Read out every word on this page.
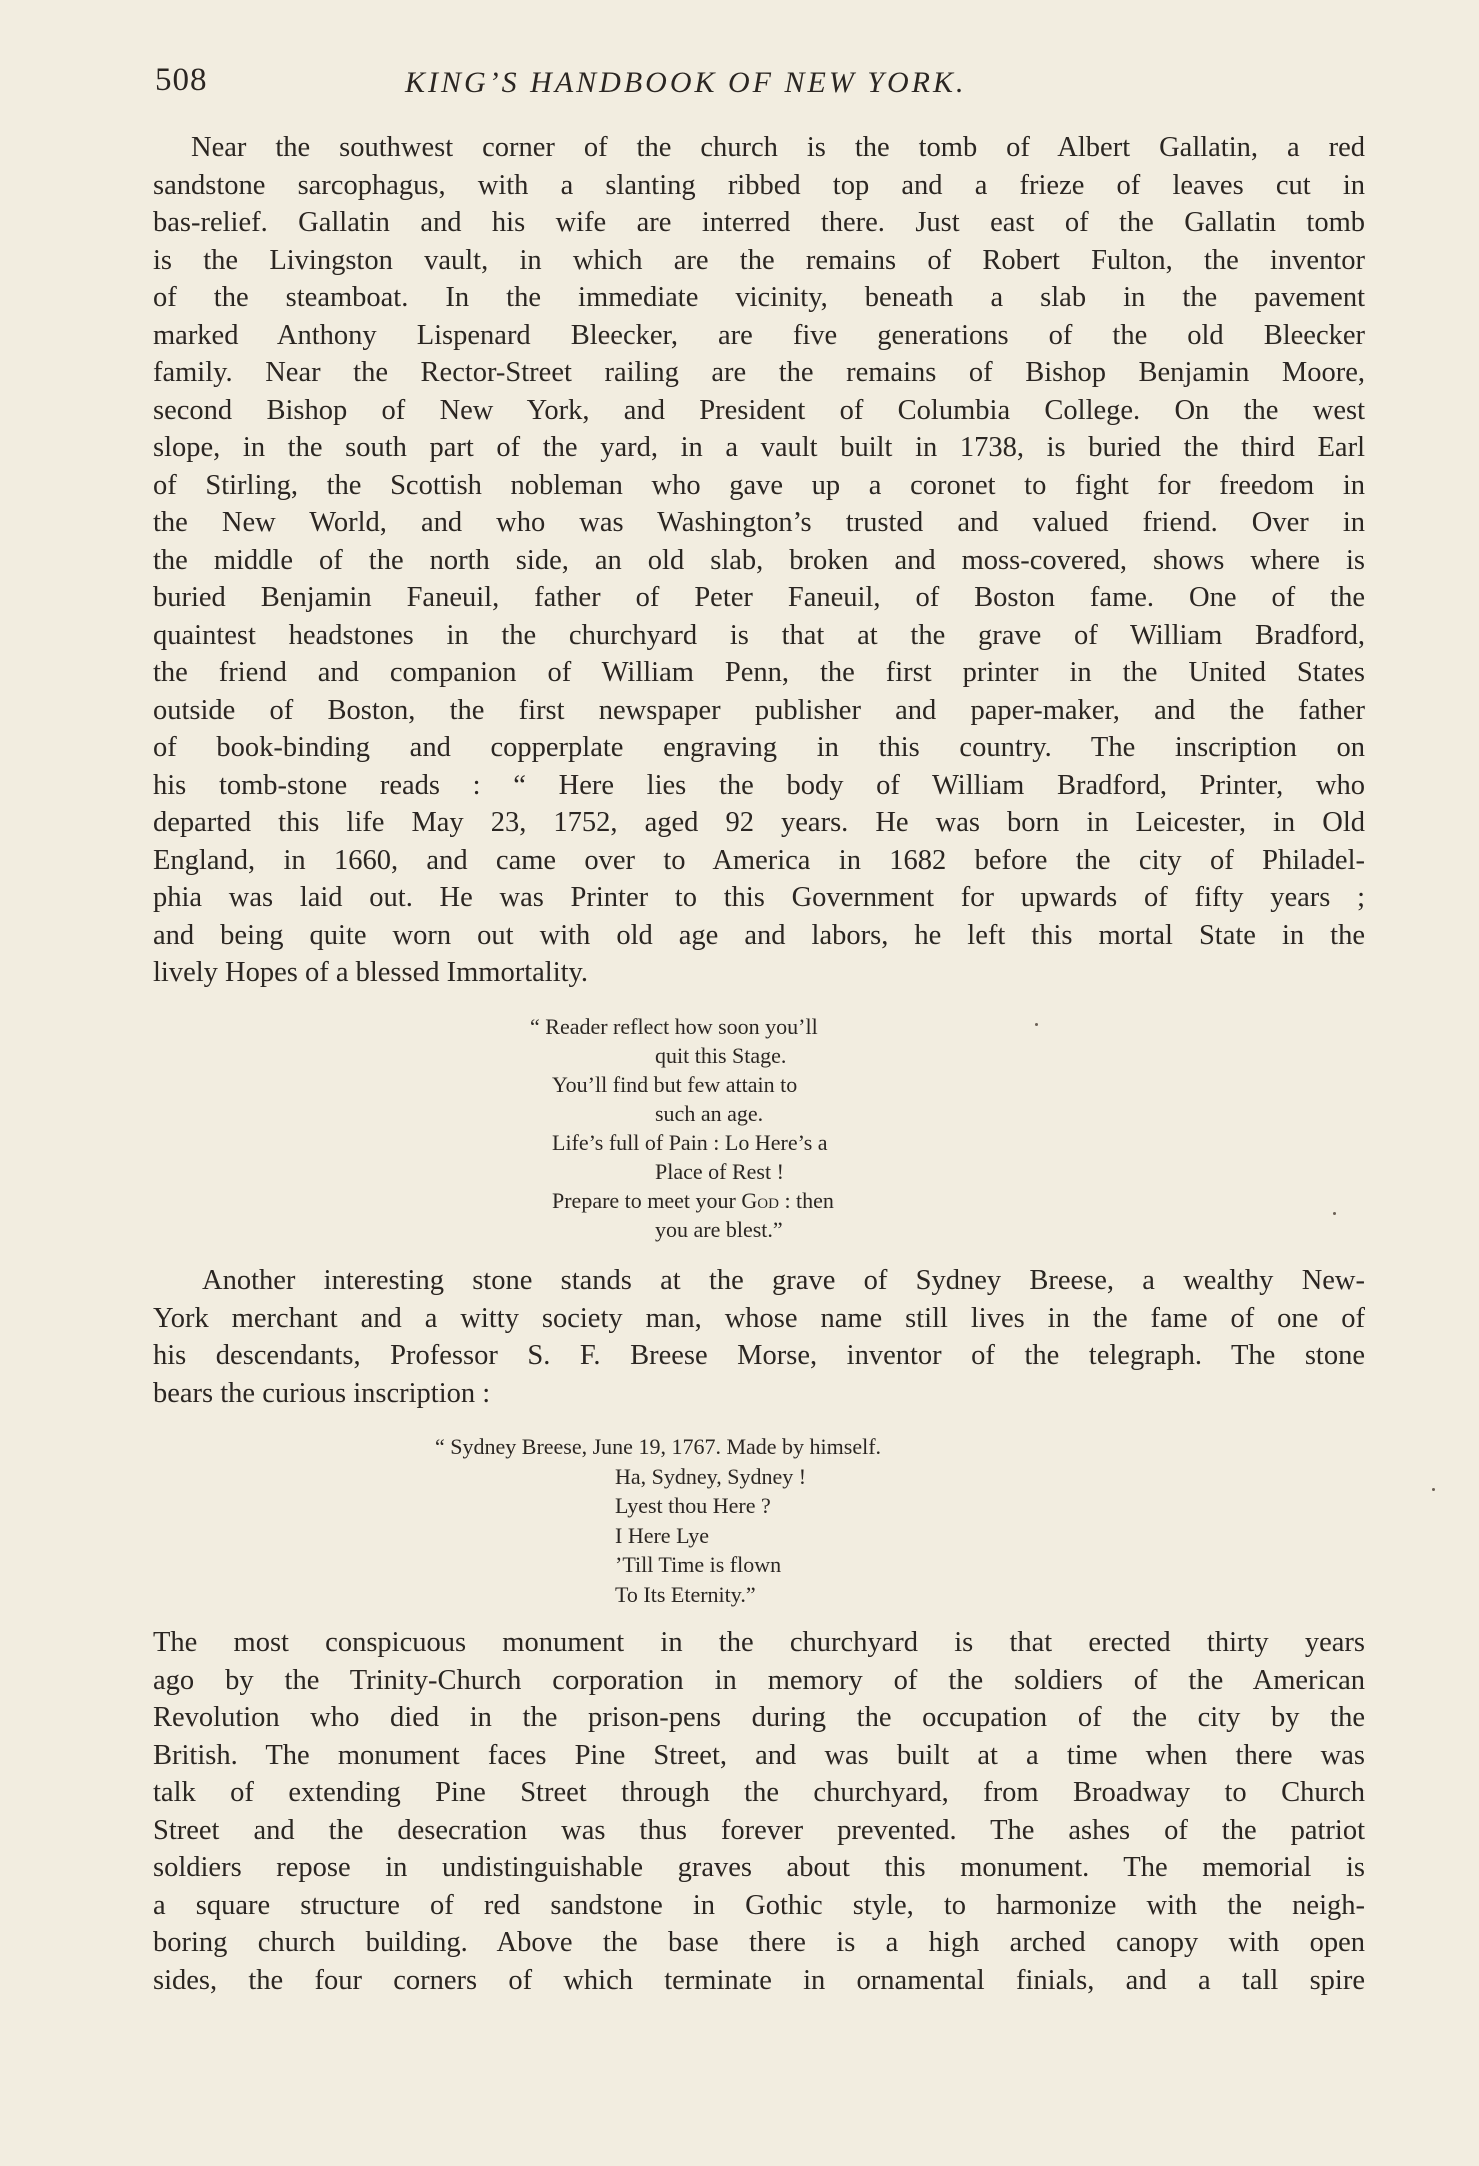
508	KING’S HANDBOOK OF NEW YORK.
Near the southwest corner of the church is the tomb of Albert Gallatin, a red
sandstone sarcophagus, with a slanting ribbed top and a frieze of leaves cut in
bas-relief. Gallatin and his wife are interred there. Just east of the Gallatin tomb
is the Livingston vault, in which are the remains of Robert Fulton, the inventor
of the steamboat. In the immediate vicinity, beneath a slab in the pavement
marked Anthony Lispenard Bleecker, are five generations of the old Bleecker
family. Near the Rector-Street railing are the remains of Bishop Benjamin Moore,
second Bishop of New York, and President of Columbia College. On the west
slope, in the south part of the yard, in a vault built in 1738, is buried the third Earl
of Stirling, the Scottish nobleman who gave up a coronet to fight for freedom in
the New World, and who was Washington’s trusted and valued friend. Over in
the middle of the north side, an old slab, broken and moss-covered, shows where is
buried Benjamin Faneuil, father of Peter Faneuil, of Boston fame. One of the
quaintest headstones in the churchyard is that at the grave of William Bradford,
the friend and companion of William Penn, the first printer in the United States
outside of Boston, the first newspaper publisher and paper-maker, and the father
of book-binding and copperplate engraving in this country. The inscription on
his tomb-stone reads : “ Here lies the body of William Bradford, Printer, who
departed this life May 23, 1752, aged 92 years. He was born in Leicester, in Old
England, in 1660, and came over to America in 1682 before the city of Philadel-
phia was laid out. He was Printer to this Government for upwards of fifty years ;
and being quite worn out with old age and labors, he left this mortal State in the
lively Hopes of a blessed Immortality.
“ Reader reflect how soon you’ll
quit this Stage.
You’ll find but few attain to
such an age.
Life’s full of Pain : Lo Here’s a
Place of Rest !
Prepare to meet your God : then
you are blest.”
Another interesting stone stands at the grave of Sydney Breese, a wealthy New-
York merchant and a witty society man, whose name still lives in the fame of one of
his descendants, Professor S. F. Breese Morse, inventor of the telegraph. The stone
bears the curious inscription :
“ Sydney Breese, June 19, 1767. Made by himself.
Ha, Sydney, Sydney !
Lyest thou Here ?
I Here Lye
’Till Time is flown
To Its Eternity.”
The most conspicuous monument in the churchyard is that erected thirty years
ago by the Trinity-Church corporation in memory of the soldiers of the American
Revolution who died in the prison-pens during the occupation of the city by the
British. The monument faces Pine Street, and was built at a time when there was
talk of extending Pine Street through the churchyard, from Broadway to Church
Street and the desecration was thus forever prevented. The ashes of the patriot
soldiers repose in undistinguishable graves about this monument. The memorial is
a square structure of red sandstone in Gothic style, to harmonize with the neigh-
boring church building. Above the base there is a high arched canopy with open
sides, the four corners of which terminate in ornamental finials, and a tall spire
